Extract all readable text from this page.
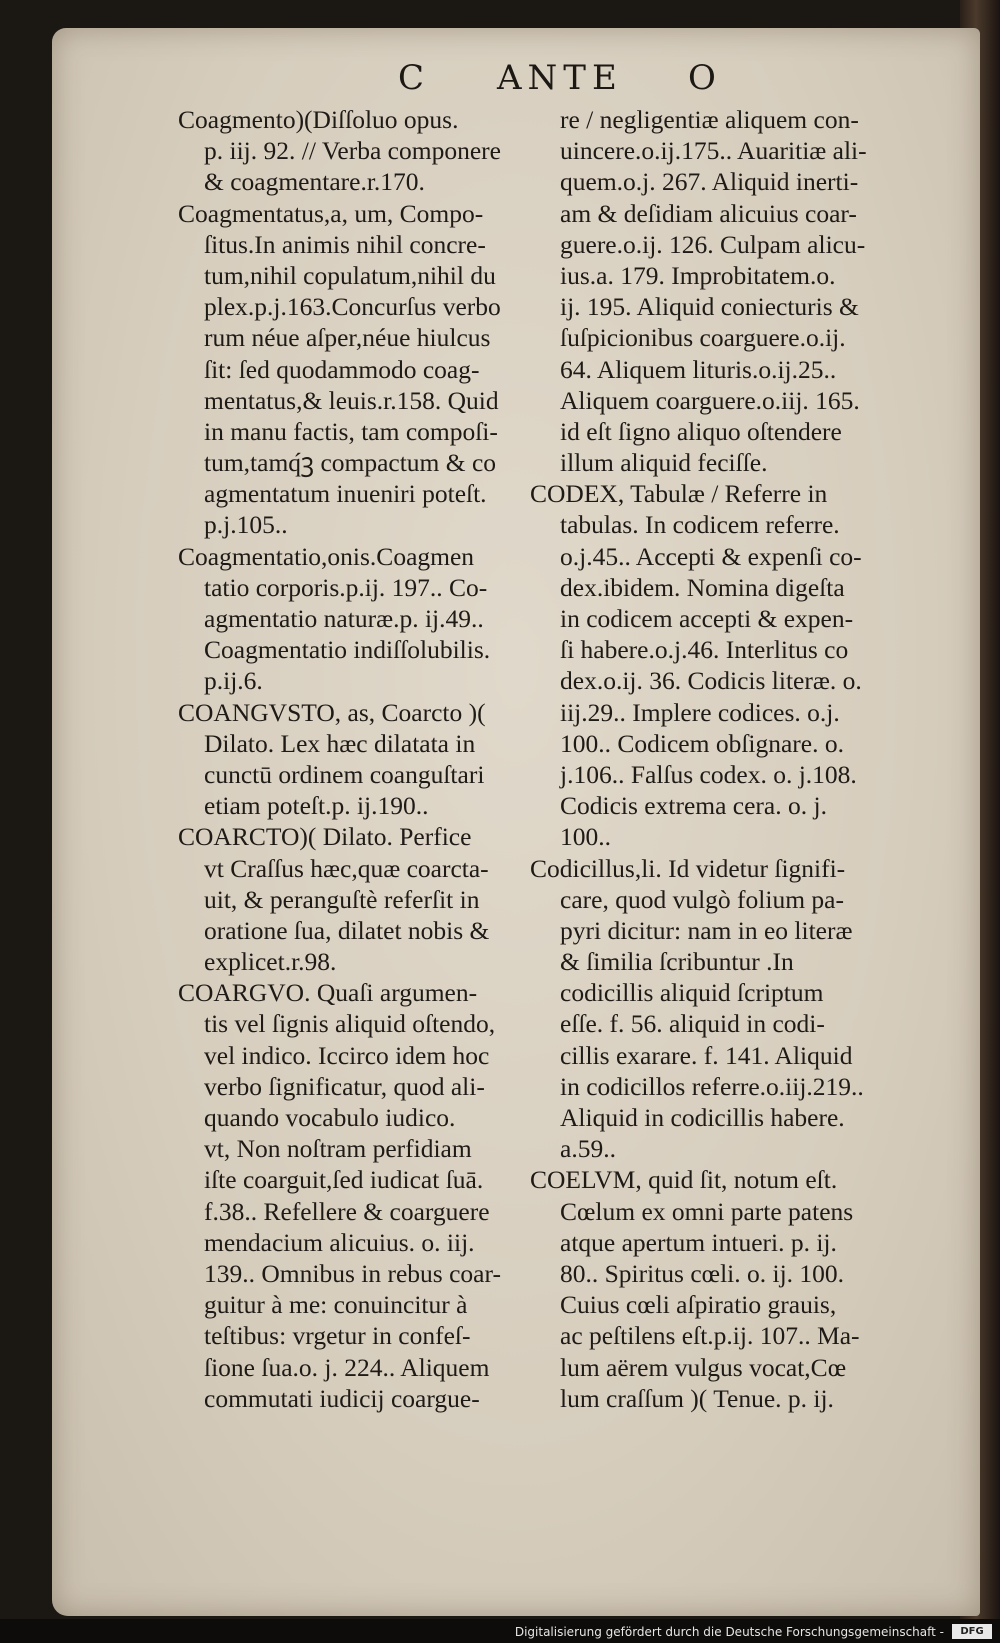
C ANTE O
Coagmento)(Diſſoluo opus.
p. iij. 92. // Verba componere
& coagmentare.r.170.
Coagmentatus,a, um, Compo-
ſitus.In animis nihil concre-
tum,nihil copulatum,nihil du
plex.p.j.163.Concurſus verbo
rum néue aſper,néue hiulcus
ſit: ſed quodammodo coag-
mentatus,& leuis.r.158. Quid
in manu factis, tam compoſi-
tum,tamq́ꝫ compactum & co
agmentatum inueniri poteſt.
p.j.105..
Coagmentatio,onis.Coagmen
tatio corporis.p.ij. 197.. Co-
agmentatio naturæ.p. ij.49..
Coagmentatio indiſſolubilis.
p.ij.6.
COANGVSTO, as, Coarcto )(
Dilato. Lex hæc dilatata in
cunctū ordinem coanguſtari
etiam poteſt.p. ij.190..
COARCTO)( Dilato. Perfice
vt Craſſus hæc,quæ coarcta-
uit, & peranguſtè referſit in
oratione ſua, dilatet nobis &
explicet.r.98.
COARGVO. Quaſi argumen-
tis vel ſignis aliquid oſtendo,
vel indico. Iccirco idem hoc
verbo ſignificatur, quod ali-
quando vocabulo iudico.
vt, Non noſtram perfidiam
iſte coarguit,ſed iudicat ſuā.
f.38.. Refellere & coarguere
mendacium alicuius. o. iij.
139.. Omnibus in rebus coar-
guitur à me: conuincitur à
teſtibus: vrgetur in confeſ-
ſione ſua.o. j. 224.. Aliquem
commutati iudicij coargue-
re / negligentiæ aliquem con-
uincere.o.ij.175.. Auaritiæ ali-
quem.o.j. 267. Aliquid inerti-
am & deſidiam alicuius coar-
guere.o.ij. 126. Culpam alicu-
ius.a. 179. Improbitatem.o.
ij. 195. Aliquid coniecturis &
ſuſpicionibus coarguere.o.ij.
64. Aliquem lituris.o.ij.25..
Aliquem coarguere.o.iij. 165.
id eſt ſigno aliquo oſtendere
illum aliquid feciſſe.
CODEX, Tabulæ / Referre in
tabulas. In codicem referre.
o.j.45.. Accepti & expenſi co-
dex.ibidem. Nomina digeſta
in codicem accepti & expen-
ſi habere.o.j.46. Interlitus co
dex.o.ij. 36. Codicis literæ. o.
iij.29.. Implere codices. o.j.
100.. Codicem obſignare. o.
j.106.. Falſus codex. o. j.108.
Codicis extrema cera. o. j.
100..
Codicillus,li. Id videtur ſignifi-
care, quod vulgò folium pa-
pyri dicitur: nam in eo literæ
& ſimilia ſcribuntur .In
codicillis aliquid ſcriptum
eſſe. f. 56. aliquid in codi-
cillis exarare. f. 141. Aliquid
in codicillos referre.o.iij.219..
Aliquid in codicillis habere.
a.59..
COELVM, quid ſit, notum eſt.
Cœlum ex omni parte patens
atque apertum intueri. p. ij.
80.. Spiritus cœli. o. ij. 100.
Cuius cœli aſpiratio grauis,
ac peſtilens eſt.p.ij. 107.. Ma-
lum aërem vulgus vocat,Cœ
lum craſſum )( Tenue. p. ij.
Digitalisierung gefördert durch die Deutsche Forschungsgemeinschaft -	DFG
